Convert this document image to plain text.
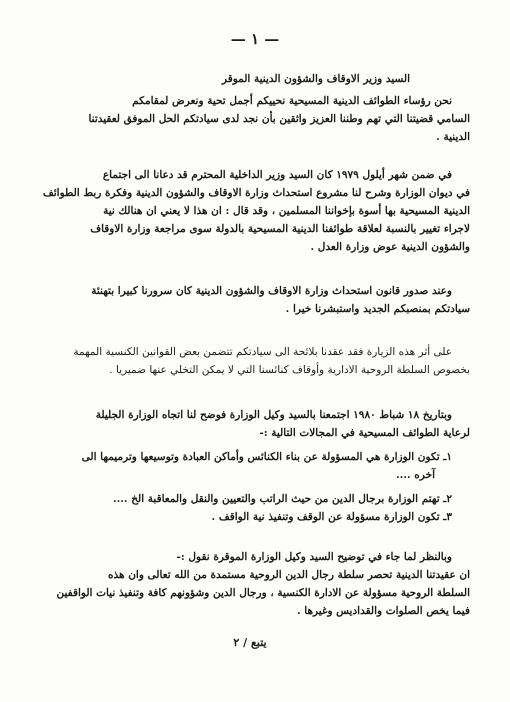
— ١ —
السيد وزير الاوقاف والشؤون الدينية الموقر
نحن رؤساء الطوائف الدينية المسيحية نحييكم أجمل تحية ونعرض لمقامكم
السامي قضيتنا التي تهم وطننا العزيز واثقين بأن نجد لدى سيادتكم الحل الموفق لعقيدتنا
الدينية .
في ضمن شهر أيلول ١٩٧٩ كان السيد وزير الداخلية المحترم قد دعانا الى اجتماع
في ديوان الوزارة وشرح لنا مشروع استحداث وزارة الاوقاف والشؤون الدينية وفكرة ربط الطوائف
الدينية المسيحية بها أسوة بإخواننا المسلمين ، وقد قال : ان هذا لا يعني ان هنالك نية
لاجراء تغيير بالنسبة لعلاقة طوائفنا الدينية المسيحية بالدولة سوى مراجعة وزارة الاوقاف
والشؤون الدينية عوض وزارة العدل .
وعند صدور قانون استحداث وزارة الاوقاف والشؤون الدينية كان سرورنا كبيرا بتهنئة
سيادتكم بمنصبكم الجديد واستبشرنا خيرا .
على أثر هذه الزيارة فقد عقدنا بلائحة الى سيادتكم تتضمن بعض القوانين الكنسية المهمة
بخصوص السلطة الروحية الادارية وأوقاف كنائسنا التي لا يمكن التخلي عنها ضميريا .
وبتاريخ ١٨ شباط ١٩٨٠ اجتمعنا بالسيد وكيل الوزارة فوضح لنا اتجاه الوزارة الجليلة
لرعاية الطوائف المسيحية في المجالات التالية :-
١ـ تكون الوزارة هي المسؤولة عن بناء الكنائس وأماكن العبادة وتوسيعها وترميمها الى
آخره ....
٢ـ تهتم الوزارة برجال الدين من حيث الراتب والتعيين والنقل والمعاقبة الخ ....
٣ـ تكون الوزارة مسؤولة عن الوقف وتنفيذ نية الواقف .
وبالنظر لما جاء في توضيح السيد وكيل الوزارة الموقرة نقول :-
ان عقيدتنا الدينية تحصر سلطة رجال الدين الروحية مستمدة من الله تعالى وان هذه
السلطة الروحية مسؤولة عن الادارة الكنسية ، ورجال الدين وشؤونهم كافة وتنفيذ نيات الواقفين
فيما يخص الصلوات والقداديس وغيرها .
يتبع / ٢
